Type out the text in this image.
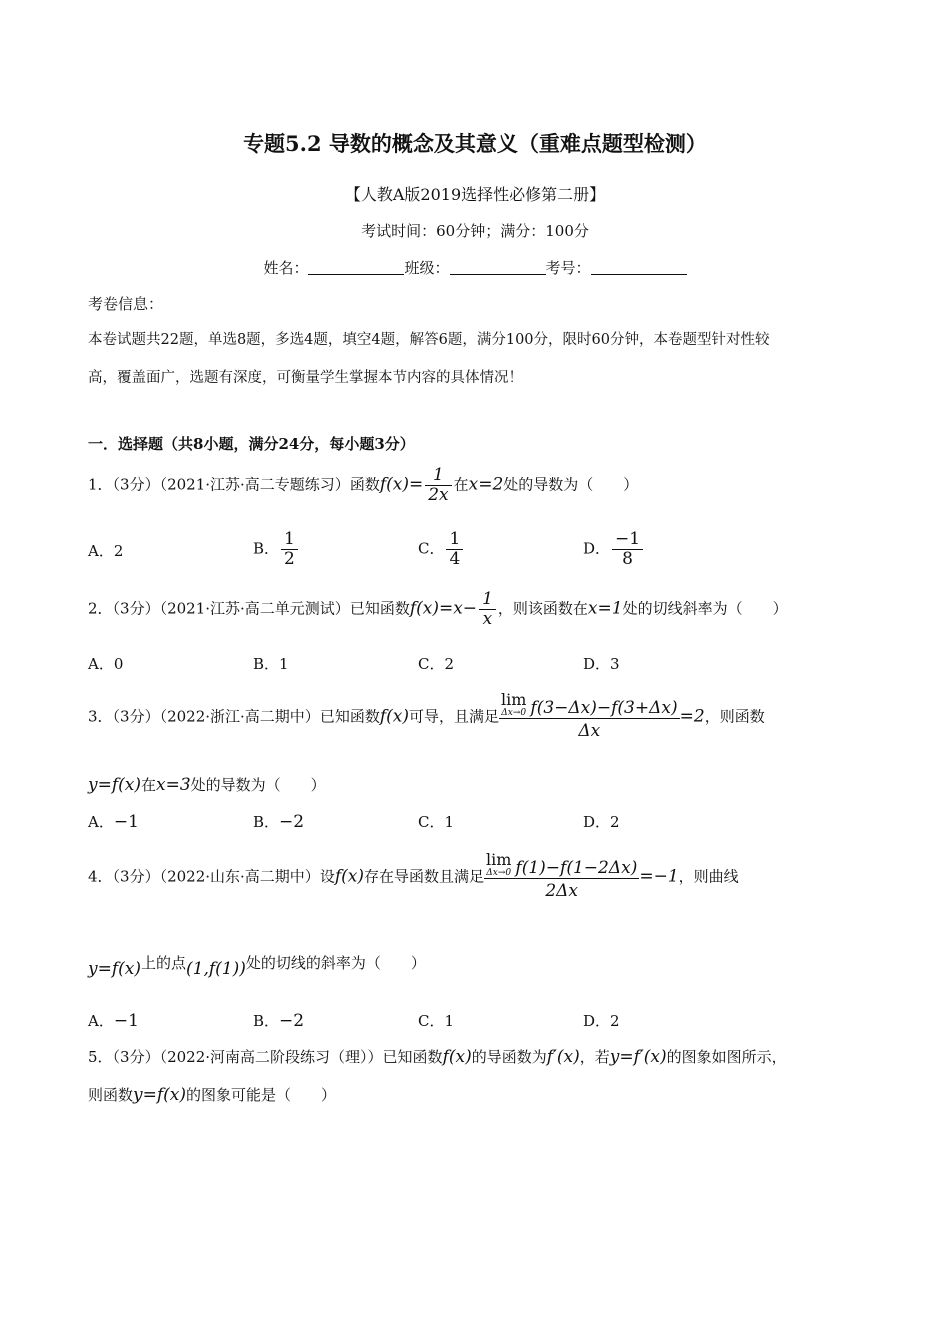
专题5.2 导数的概念及其意义（重难点题型检测）
【人教A版2019选择性必修第二册】
考试时间：60分钟；满分：100分
姓名：	班级：	考号：
考卷信息：
本卷试题共22题，单选8题，多选4题，填空4题，解答6题，满分100分，限时60分钟，本卷题型针对性较
高，覆盖面广，选题有深度，可衡量学生掌握本节内容的具体情况！
一．选择题（共8小题，满分24分，每小题3分）
1．（3分）（2021·江苏·高二专题练习）函数$f(x)= \frac{1}{2x}$ 在x=2处的导数为（　　）
A．2	B． $\frac{1}{2}$	C． $\frac{1}{4}$	D． $\frac{-1}{8}$
2．（3分）（2021·江苏·高二单元测试）已知函数$f(x)=x- \frac{1}{x}$ ，则该函数在x=1处的切线斜率为（　　）
A．0	B．1	C．2	D．3
3．（3分）（2022·浙江·高二期中）已知函数f(x)可导，且满足 lim
Δx→0 f(3−Δx)−f(3+Δx)
Δx =2，则函数
y=f(x)在x=3处的导数为（　　）
A．−1	B．−2	C．1	D．2
4．（3分）（2022·山东·高二期中）设f(x)存在导函数且满足 lim
Δx→0 f(1)−f(1−2Δx)
2Δx =−1，则曲线
y=f(x)上的点(1,f(1))处的切线的斜率为（　　）
A．−1	B．−2	C．1	D．2
5．（3分）（2022·河南高二阶段练习（理））已知函数f(x)的导函数为f′(x)，若y=f′(x)的图象如图所示，
则函数y=f(x)的图象可能是（　　）
